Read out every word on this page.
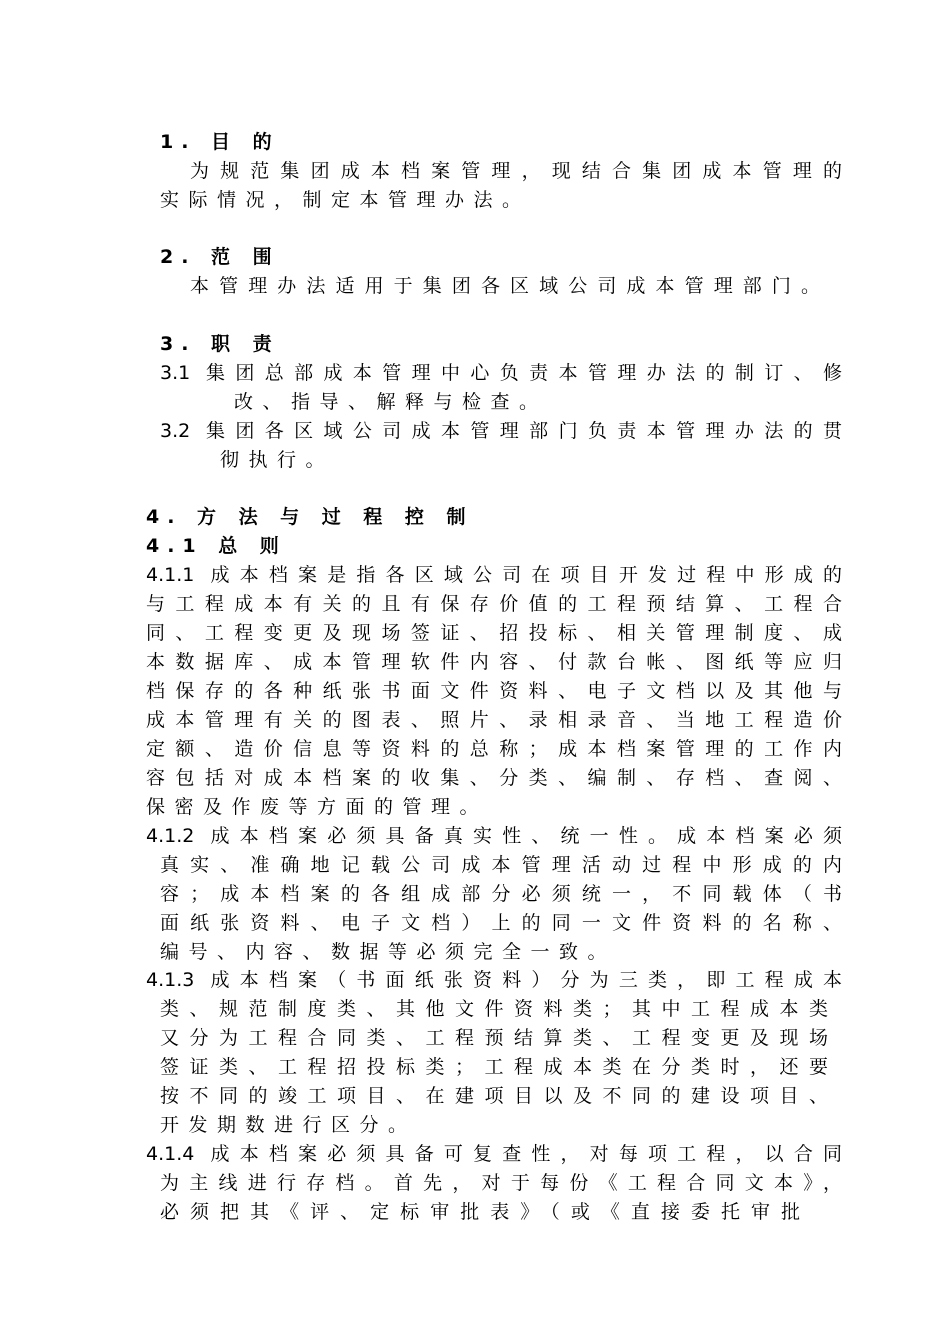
1. 目 的
为规范集团成本档案管理，现结合集团成本管理的
实际情况，制定本管理办法。
2. 范 围
本管理办法适用于集团各区域公司成本管理部门。
3. 职 责
3.1 集团总部成本管理中心负责本管理办法的制订、修
改、指导、解释与检查。
3.2 集团各区域公司成本管理部门负责本管理办法的贯
彻执行。
4. 方 法 与 过 程 控 制
4.1 总 则
4.1.1 成本档案是指各区域公司在项目开发过程中形成的
与工程成本有关的且有保存价值的工程预结算、工程合
同、工程变更及现场签证、招投标、相关管理制度、成
本数据库、成本管理软件内容、付款台帐、图纸等应归
档保存的各种纸张书面文件资料、电子文档以及其他与
成本管理有关的图表、照片、录相录音、当地工程造价
定额、造价信息等资料的总称；成本档案管理的工作内
容包括对成本档案的收集、分类、编制、存档、查阅、
保密及作废等方面的管理。
4.1.2 成本档案必须具备真实性、统一性。成本档案必须
真实、准确地记载公司成本管理活动过程中形成的内
容；成本档案的各组成部分必须统一，不同载体（书
面纸张资料、电子文档）上的同一文件资料的名称、
编号、内容、数据等必须完全一致。
4.1.3 成本档案（书面纸张资料）分为三类，即工程成本
类、规范制度类、其他文件资料类；其中工程成本类
又分为工程合同类、工程预结算类、工程变更及现场
签证类、工程招投标类；工程成本类在分类时，还要
按不同的竣工项目、在建项目以及不同的建设项目、
开发期数进行区分。
4.1.4 成本档案必须具备可复查性，对每项工程，以合同
为主线进行存档。首先，对于每份《工程合同文本》，
必须把其《评、定标审批表》（或《直接委托审批
